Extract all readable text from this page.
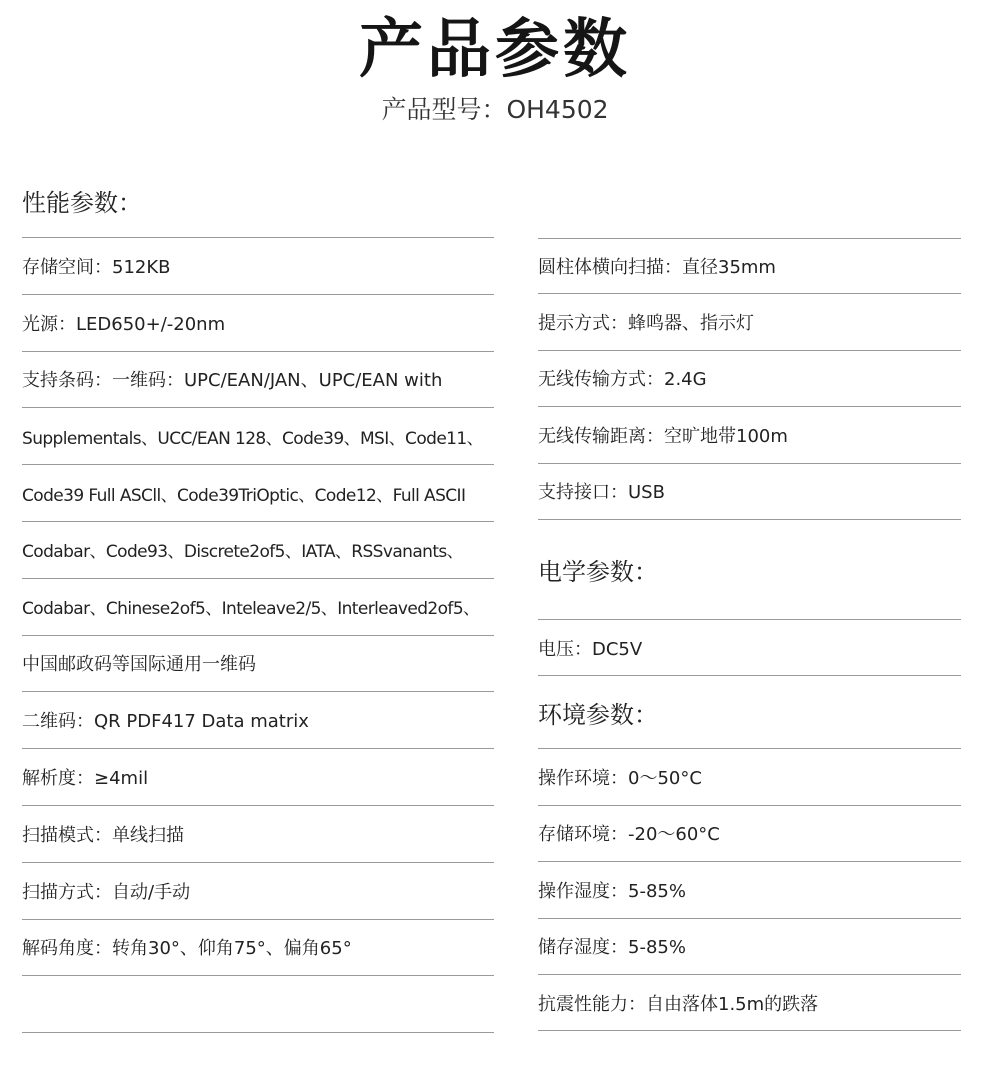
产品参数
产品型号：OH4502
性能参数：
存储空间：512KB
光源：LED650+/-20nm
支持条码：一维码：UPC/EAN/JAN、UPC/EAN with
Supplementals、UCC/EAN 128、Code39、MSI、Code11、
Code39 Full ASCll、Code39TriOptic、Code12、Full ASCII
Codabar、Code93、Discrete2of5、IATA、RSSvanants、
Codabar、Chinese2of5、Inteleave2/5、Interleaved2of5、
中国邮政码等国际通用一维码
二维码：QR PDF417 Data matrix
解析度：≥4mil
扫描模式：单线扫描
扫描方式：自动/手动
解码角度：转角30°、仰角75°、偏角65°
圆柱体横向扫描：直径35mm
提示方式：蜂鸣器、指示灯
无线传输方式：2.4G
无线传输距离：空旷地带100m
支持接口：USB
电学参数：
电压：DC5V
环境参数：
操作环境：0～50°C
存储环境：-20～60°C
操作湿度：5-85%
储存湿度：5-85%
抗震性能力：自由落体1.5m的跌落
